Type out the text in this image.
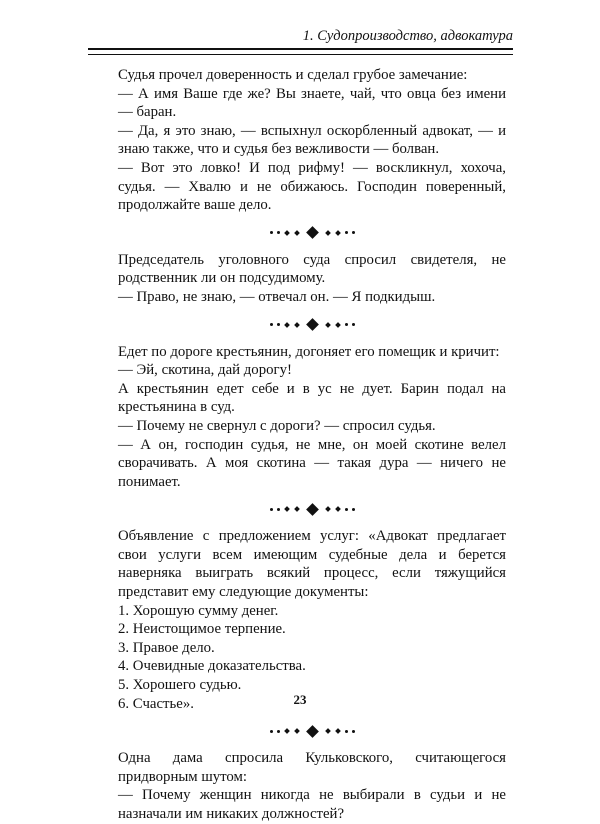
1. Судопроизводство, адвокатура

Судья прочел доверенность и сделал грубое замечание:

— А имя Ваше где же? Вы знаете, чай, что овца без имени — баран.

— Да, я это знаю, — вспыхнул оскорбленный адвокат, — и знаю также, что и судья без вежливости — болван.

— Вот это ловко! И под рифму! — воскликнул, хохоча, судья. — Хвалю и не обижаюсь. Господин поверенный, продолжайте ваше дело.

Председатель уголовного суда спросил свидетеля, не родственник ли он подсудимому.

— Право, не знаю, — отвечал он. — Я подкидыш.

Едет по дороге крестьянин, догоняет его помещик и кричит:

— Эй, скотина, дай дорогу!

А крестьянин едет себе и в ус не дует. Барин подал на крестьянина в суд.

— Почему не свернул с дороги? — спросил судья.

— А он, господин судья, не мне, он моей скотине велел сворачивать. А моя скотина — такая дура — ничего не понимает.

Объявление с предложением услуг: «Адвокат предлагает свои услуги всем имеющим судебные дела и берется наверняка выиграть всякий процесс, если тяжущийся представит ему следующие документы:

1. Хорошую сумму денег.

2. Неистощимое терпение.

3. Правое дело.

4. Очевидные доказательства.

5. Хорошего судью.

6. Счастье».

Одна дама спросила Кульковского, считающегося придворным шутом:

— Почему женщин никогда не выбирали в судьи и не назначали им никаких должностей?

23
